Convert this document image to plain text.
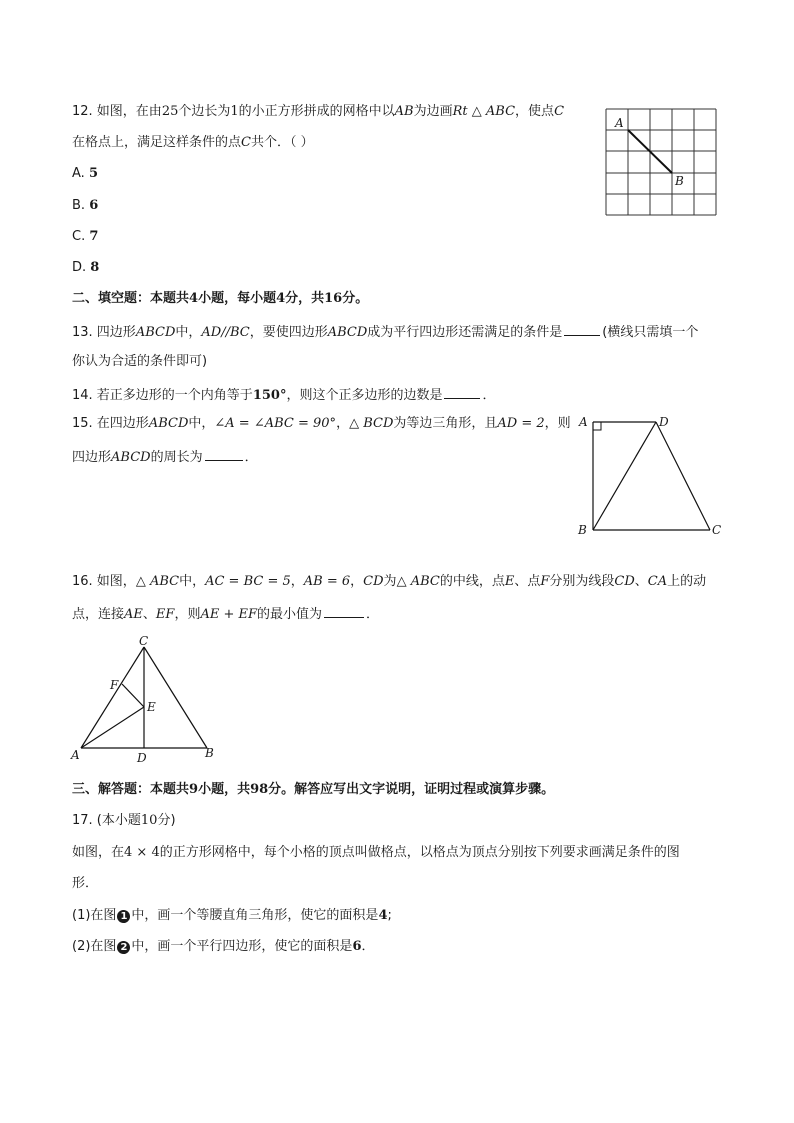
12. 如图，在由25个边长为1的小正方形拼成的网格中以AB为边画Rt △ ABC，使点C
在格点上，满足这样条件的点C共个．（ ）
A. 5
B. 6
C. 7
D. 8
A
B
二、填空题：本题共4小题，每小题4分，共16分。
13. 四边形ABCD中，AD//BC，要使四边形ABCD成为平行四边形还需满足的条件是	(横线只需填一个
你认为合适的条件即可)
14. 若正多边形的一个内角等于150°，则这个正多边形的边数是	．
15. 在四边形ABCD中，∠A = ∠ABC = 90°，△ BCD为等边三角形，且AD = 2，则
四边形ABCD的周长为	．
A	D
B	C
16. 如图，△ ABC中，AC = BC = 5，AB = 6，CD为△ ABC的中线，点E、点F分别为线段CD、CA上的动
点，连接AE、EF，则AE + EF的最小值为	．
C
F
E
A	B
D
三、解答题：本题共9小题，共98分。解答应写出文字说明，证明过程或演算步骤。
17. (本小题10分)
如图，在4 × 4的正方形网格中，每个小格的顶点叫做格点，以格点为顶点分别按下列要求画满足条件的图
形．
(1)在图 1 中，画一个等腰直角三角形，使它的面积是4;
(2)在图 2 中，画一个平行四边形，使它的面积是6．
